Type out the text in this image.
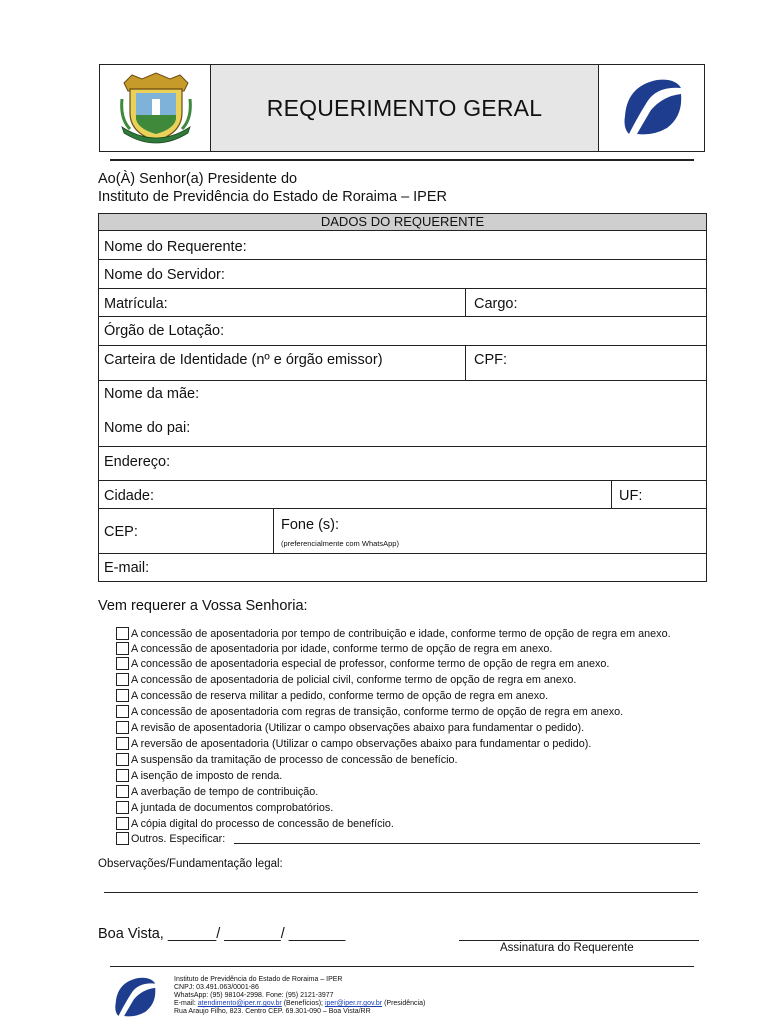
REQUERIMENTO GERAL
Ao(À) Senhor(a) Presidente do
Instituto de Previdência do Estado de Roraima – IPER
DADOS DO REQUERENTE
Nome do Requerente:
Nome do Servidor:
Matrícula:	Cargo:
Órgão de Lotação:
Carteira de Identidade (nº e órgão emissor)	CPF:
Nome da mãe:
Nome do pai:
Endereço:
Cidade:	UF:
CEP:	Fone (s):
(preferencialmente com WhatsApp)
E-mail:
Vem requerer a Vossa Senhoria:
A concessão de aposentadoria por tempo de contribuição e idade, conforme termo de opção de regra em anexo.
A concessão de aposentadoria por idade, conforme termo de opção de regra em anexo.
A concessão de aposentadoria especial de professor, conforme termo de opção de regra em anexo.
A concessão de aposentadoria de policial civil, conforme termo de opção de regra em anexo.
A concessão de reserva militar a pedido, conforme termo de opção de regra em anexo.
A concessão de aposentadoria com regras de transição, conforme termo de opção de regra em anexo.
A revisão de aposentadoria (Utilizar o campo observações abaixo para fundamentar o pedido).
A reversão de aposentadoria (Utilizar o campo observações abaixo para fundamentar o pedido).
A suspensão da tramitação de processo de concessão de benefício.
A isenção de imposto de renda.
A averbação de tempo de contribuição.
A juntada de documentos comprobatórios.
A cópia digital do processo de concessão de benefício.
Outros. Especificar:
Observações/Fundamentação legal:
Boa Vista, ______/ _______/ _______
Assinatura do Requerente
Instituto de Previdência do Estado de Roraima – IPER
CNPJ: 03.491.063/0001-86
WhatsApp: (95) 98104-2998. Fone: (95) 2121-3977
E-mail: atendimento@iper.rr.gov.br (Benefícios); iper@iper.rr.gov.br (Presidência)
Rua Araujo Filho, 823. Centro CEP. 69.301-090 – Boa Vista/RR
